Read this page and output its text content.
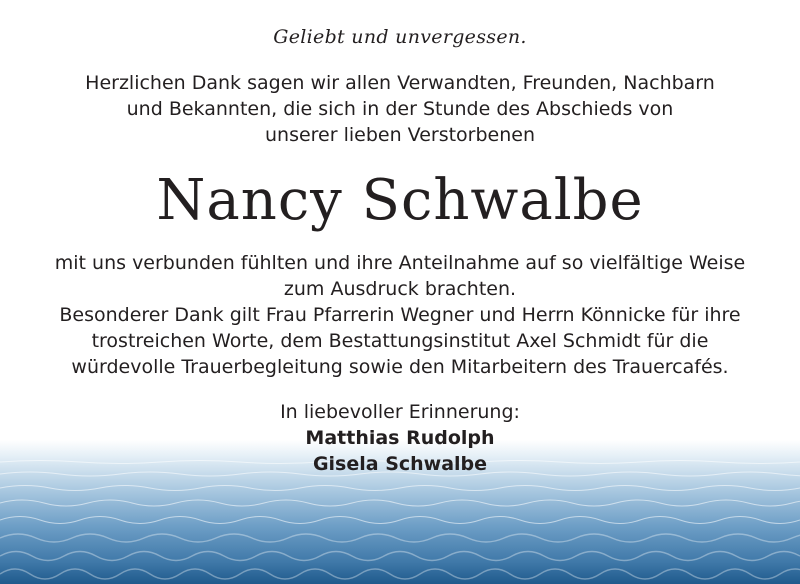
Geliebt und unvergessen.
Herzlichen Dank sagen wir allen Verwandten, Freunden, Nachbarn
und Bekannten, die sich in der Stunde des Abschieds von
unserer lieben Verstorbenen
Nancy Schwalbe
mit uns verbunden fühlten und ihre Anteilnahme auf so vielfältige Weise
zum Ausdruck brachten.
Besonderer Dank gilt Frau Pfarrerin Wegner und Herrn Könnicke für ihre
trostreichen Worte, dem Bestattungsinstitut Axel Schmidt für die
würdevolle Trauerbegleitung sowie den Mitarbeitern des Trauercafés.
In liebevoller Erinnerung:
Matthias Rudolph
Gisela Schwalbe
